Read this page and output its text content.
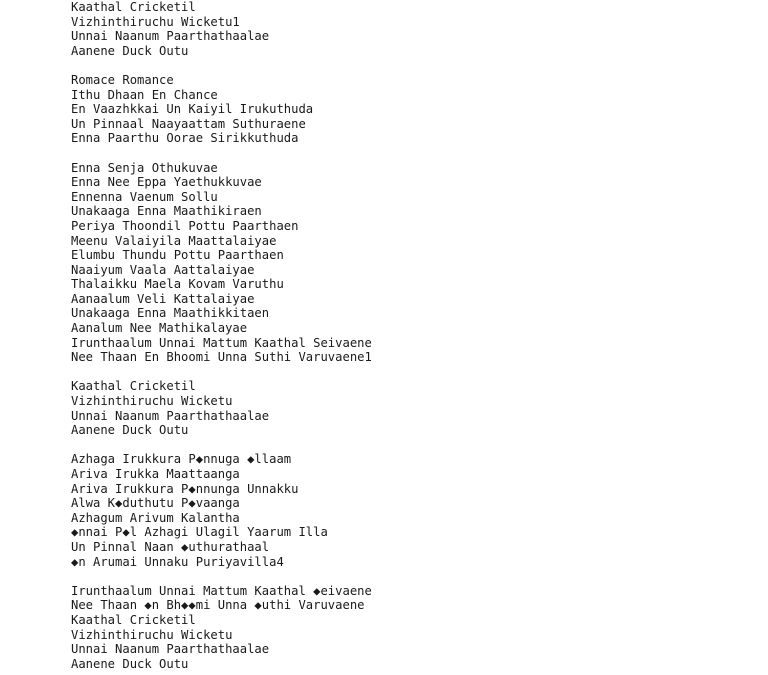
Kaathal Cricketil
Vizhinthiruchu Wicketu1
Unnai Naanum Paarthathaalae
Aanene Duck Outu
Romace Romance
Ithu Dhaan En Chance
En Vaazhkkai Un Kaiyil Irukuthuda
Un Pinnaal Naayaattam Suthuraene
Enna Paarthu Oorae Sirikkuthuda
Enna Senja Othukuvae
Enna Nee Eppa Yaethukkuvae
Ennenna Vaenum Sollu
Unakaaga Enna Maathikiraen
Periya Thoondil Pottu Paarthaen
Meenu Valaiyila Maattalaiyae
Elumbu Thundu Pottu Paarthaen
Naaiyum Vaala Aattalaiyae
Thalaikku Maela Kovam Varuthu
Aanaalum Veli Kattalaiyae
Unakaaga Enna Maathikkitaen
Aanalum Nee Mathikalayae
Irunthaalum Unnai Mattum Kaathal Seivaene
Nee Thaan En Bhoomi Unna Suthi Varuvaene1
Kaathal Cricketil
Vizhinthiruchu Wicketu
Unnai Naanum Paarthathaalae
Aanene Duck Outu
Azhaga Irukkura P◆nnuga ◆llaam
Ariva Irukka Maattaanga
Ariva Irukkura P◆nnunga Unnakku
Alwa K◆duthutu P◆vaanga
Azhagum Arivum Kalantha
◆nnai P◆l Azhagi Ulagil Yaarum Illa
Un Pinnal Naan ◆uthurathaal
◆n Arumai Unnaku Puriyavilla4
Irunthaalum Unnai Mattum Kaathal ◆eivaene
Nee Thaan ◆n Bh◆◆mi Unna ◆uthi Varuvaene
Kaathal Cricketil
Vizhinthiruchu Wicketu
Unnai Naanum Paarthathaalae
Aanene Duck Outu
